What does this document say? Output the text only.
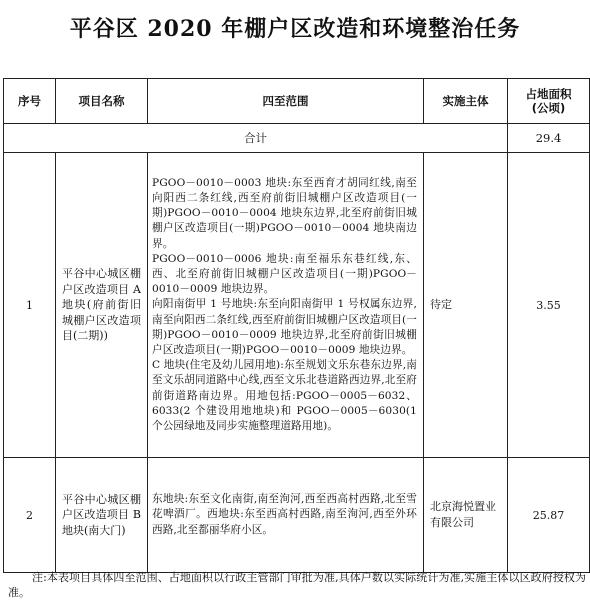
平谷区 2020 年棚户区改造和环境整治任务
序号	项目名称	四至范围	实施主体	占地面积
(公顷)

合计				29.4
1	平谷中心城区棚户区改造项目 A 地块(府前街旧城棚户区改造项目(二期))	PGOO－0010－0003 地块:东至西育才胡同红线,南至向阳西二条红线,西至府前街旧城棚户区改造项目(一期)PGOO－0010－0004 地块东边界,北至府前街旧城棚户区改造项目(一期)PGOO－0010－0004 地块南边界。

PGOO－0010－0006 地块:南至福乐东巷红线,东、西、北至府前街旧城棚户区改造项目(一期)PGOO－0010－0009 地块边界。

向阳南街甲 1 号地块:东至向阳南街甲 1 号权属东边界,南至向阳西二条红线,西至府前街旧城棚户区改造项目(一期)PGOO－0010－0009 地块边界,北至府前街旧城棚户区改造项目(一期)PGOO－0010－0009 地块边界。

C 地块(住宅及幼儿园用地):东至规划文乐东巷东边界,南至文乐胡同道路中心线,西至文乐北巷道路西边界,北至府前街道路南边界。用地包括:PGOO－0005－6032、6033(2 个建设用地地块)和 PGOO－0005－6030(1 个公园绿地及同步实施整理道路用地)。	待定	3.55
2	平谷中心城区棚户区改造项目 B 地块(南大门)	东地块:东至文化南街,南至洵河,西至西高村西路,北至雪花啤酒厂。西地块:东至西高村西路,南至洵河,西至外环西路,北至都丽华府小区。	北京海悦置业有限公司	25.87
注:本表项目具体四至范围、占地面积以行政主管部门审批为准,具体户数以实际统计为准,实施主体以区政府授权为准。
